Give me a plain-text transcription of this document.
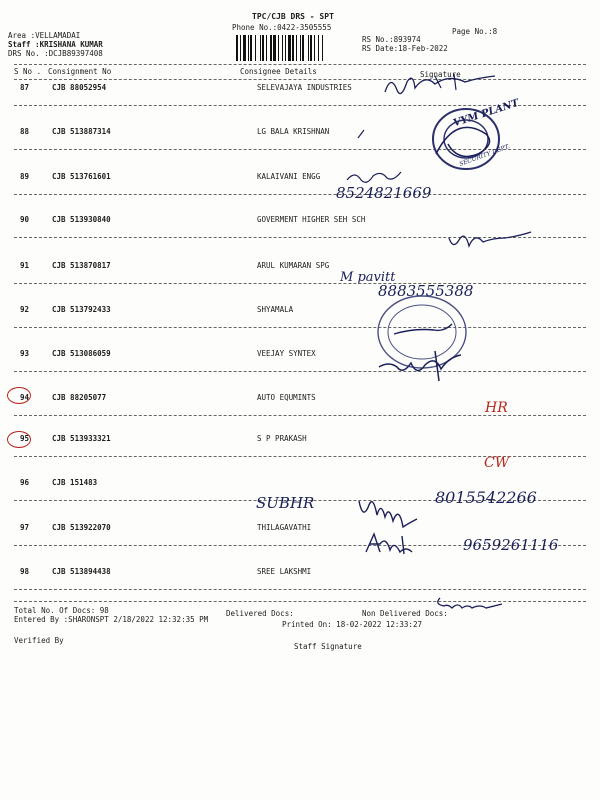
TPC/CJB DRS - SPT
Phone No.:0422-3505555	Page No.:8
Area :VELLAMADAI
Staff :KRISHANA KUMAR
DRS No. :DCJB89397408
RS No.:893974
RS Date:18-Feb-2022
S No . Consignment No	Consignee Details	Signature
87	CJB 88052954	SELEVAJAYA INDUSTRIES
88	CJB 513887314	LG BALA KRISHNAN
89	CJB 513761601	KALAIVANI ENGG
90	CJB 513930840	GOVERMENT HIGHER SEH SCH
91	CJB 513870817	ARUL KUMARAN SPG
92	CJB 513792433	SHYAMALA
93	CJB 513086059	VEEJAY SYNTEX
94	CJB 88205077	AUTO EQUMINTS
95	CJB 513933321	S P PRAKASH
96	CJB 151483
97	CJB 513922070	THILAGAVATHI
98	CJB 513894438	SREE LAKSHMI
VYM PLANT
SECURITY DEPT.
8524821669
M pavitt
8883555388
HR
CW
SUBHR	8015542266
9659261116
Total No. Of Docs: 98	Delivered Docs:	Non Delivered Docs:
Entered By :SHARONSPT 2/18/2022 12:32:35 PM
Printed On: 18-02-2022 12:33:27
Verified By
Staff Signature
